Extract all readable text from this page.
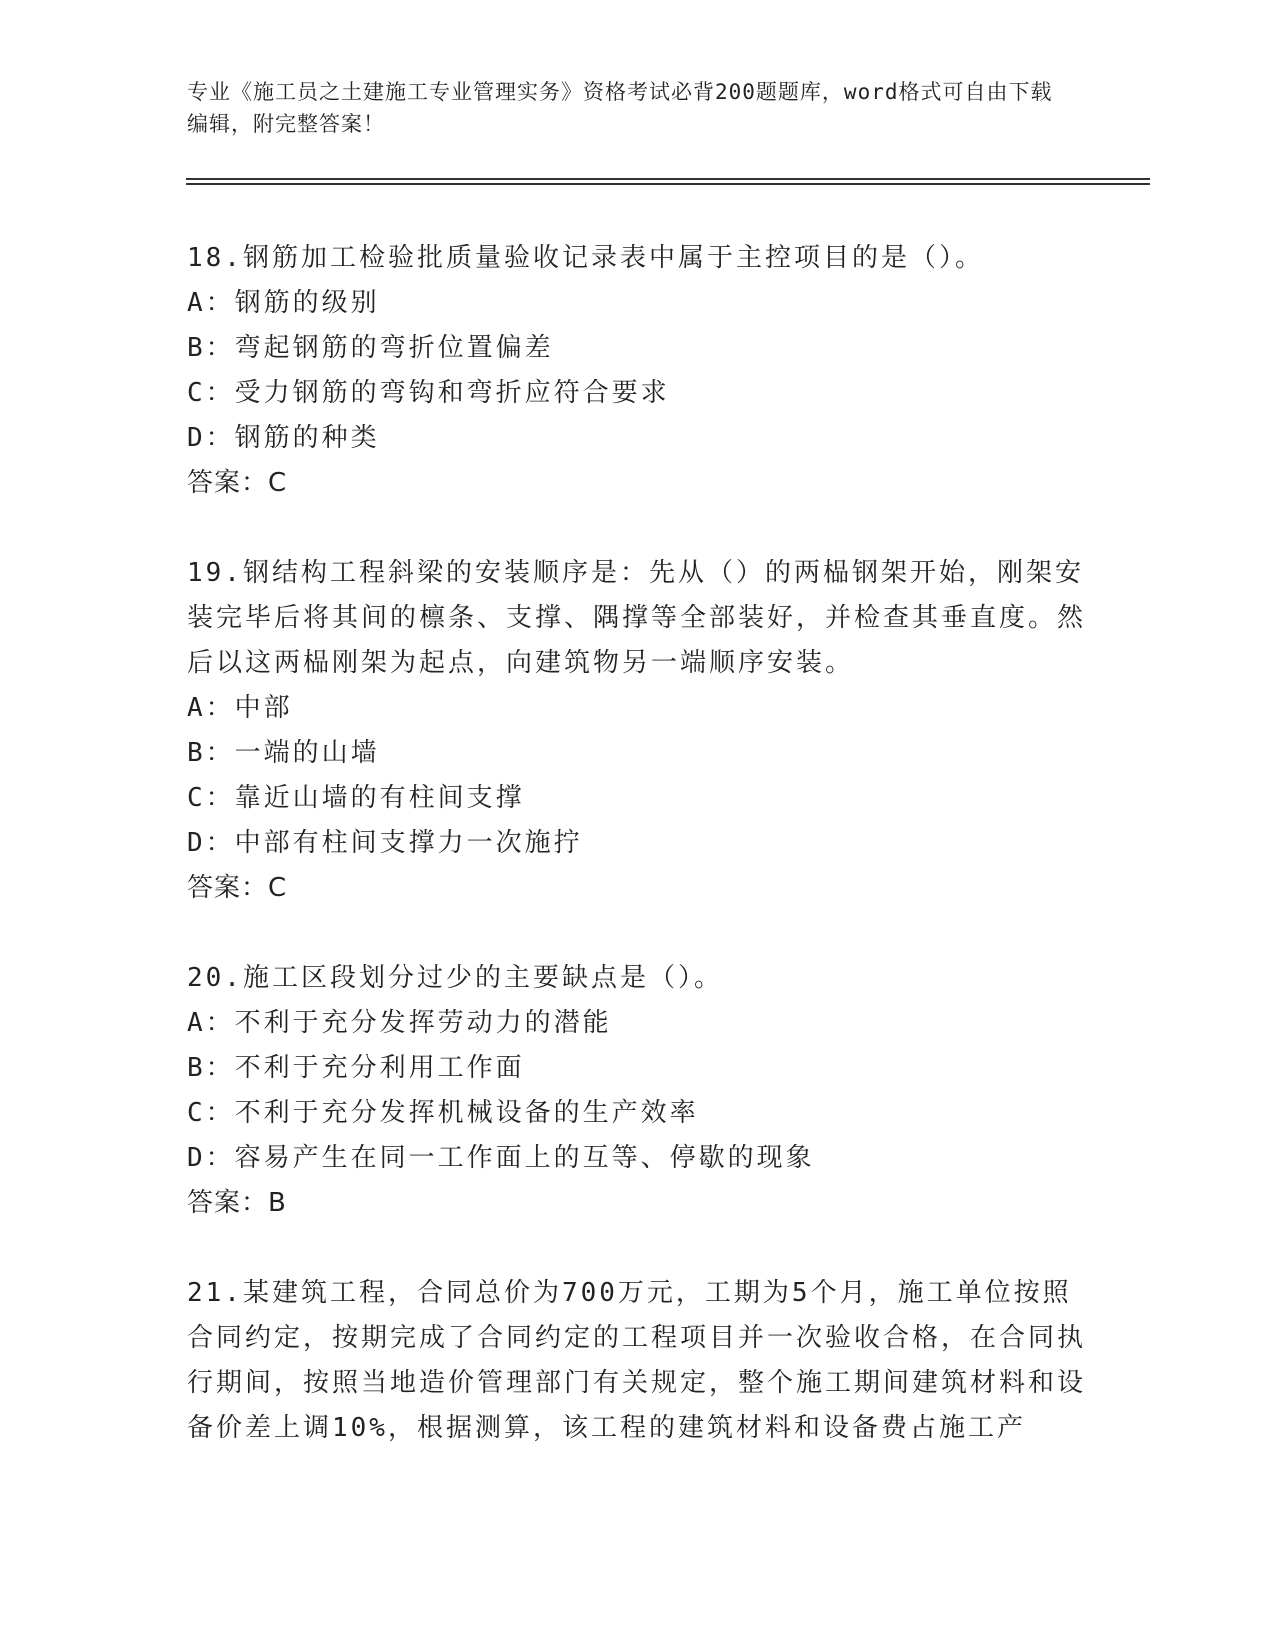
专业《施工员之土建施工专业管理实务》资格考试必背200题题库，word格式可自由下载编辑，附完整答案！

18.钢筋加工检验批质量验收记录表中属于主控项目的是（）。

A：钢筋的级别

B：弯起钢筋的弯折位置偏差

C：受力钢筋的弯钩和弯折应符合要求

D：钢筋的种类

答案：C

19.钢结构工程斜梁的安装顺序是：先从（）的两榀钢架开始，刚架安装完毕后将其间的檩条、支撑、隅撑等全部装好，并检查其垂直度。然后以这两榀刚架为起点，向建筑物另一端顺序安装。

A：中部

B：一端的山墙

C：靠近山墙的有柱间支撑

D：中部有柱间支撑力一次施拧

答案：C

20.施工区段划分过少的主要缺点是（）。

A：不利于充分发挥劳动力的潜能

B：不利于充分利用工作面

C：不利于充分发挥机械设备的生产效率

D：容易产生在同一工作面上的互等、停歇的现象

答案：B

21.某建筑工程，合同总价为700万元，工期为5个月，施工单位按照合同约定，按期完成了合同约定的工程项目并一次验收合格，在合同执行期间，按照当地造价管理部门有关规定，整个施工期间建筑材料和设备价差上调10%，根据测算，该工程的建筑材料和设备费占施工产
